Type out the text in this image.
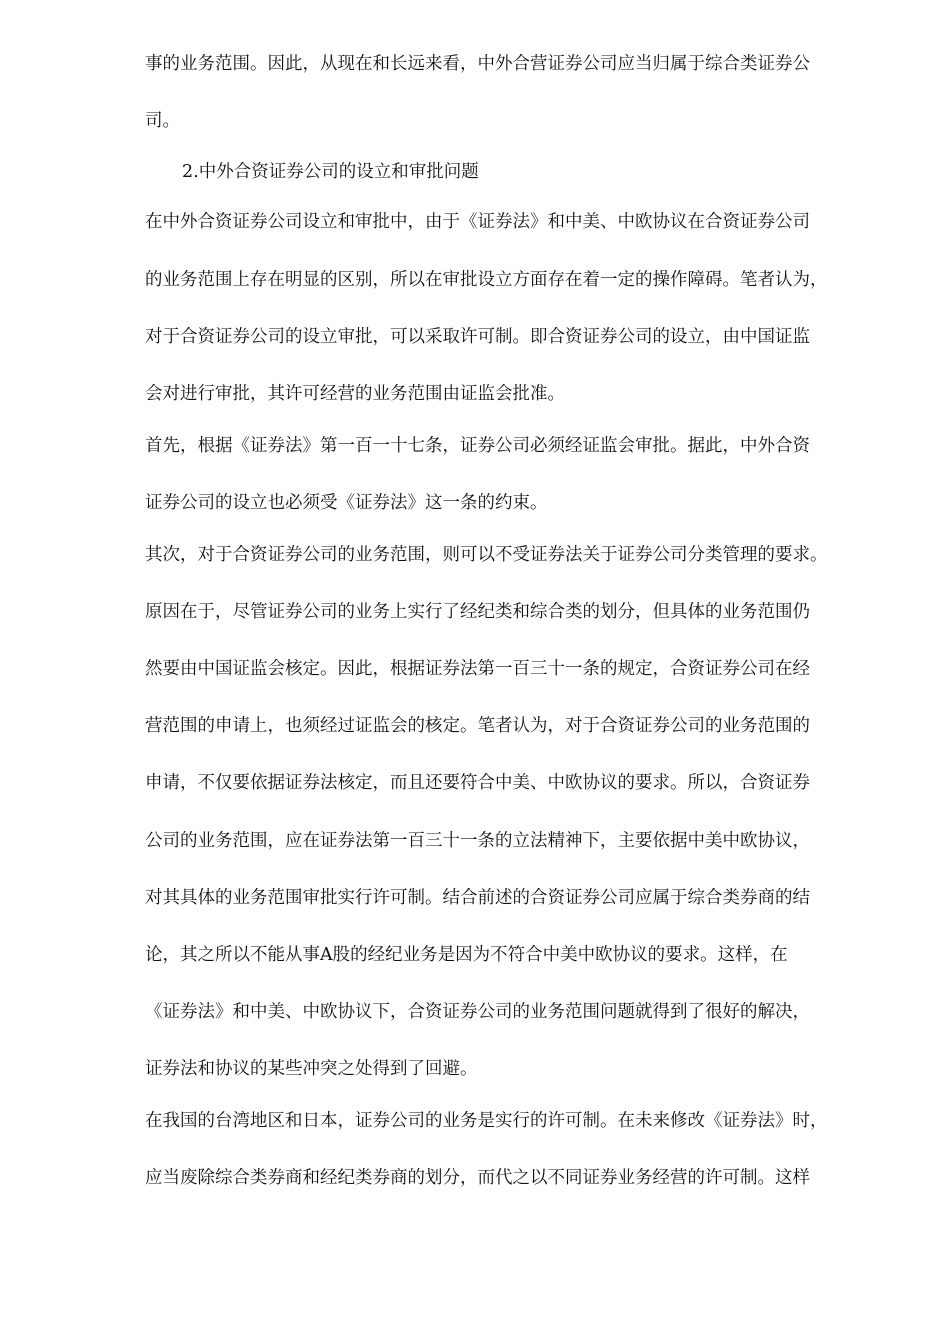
事的业务范围。因此，从现在和长远来看，中外合营证券公司应当归属于综合类证券公
司。
2.中外合资证券公司的设立和审批问题
在中外合资证券公司设立和审批中，由于《证券法》和中美、中欧协议在合资证券公司
的业务范围上存在明显的区别，所以在审批设立方面存在着一定的操作障碍。笔者认为，
对于合资证券公司的设立审批，可以采取许可制。即合资证券公司的设立，由中国证监
会对进行审批，其许可经营的业务范围由证监会批准。
首先，根据《证券法》第一百一十七条，证券公司必须经证监会审批。据此，中外合资
证券公司的设立也必须受《证券法》这一条的约束。
其次，对于合资证券公司的业务范围，则可以不受证券法关于证券公司分类管理的要求。
原因在于，尽管证券公司的业务上实行了经纪类和综合类的划分，但具体的业务范围仍
然要由中国证监会核定。因此，根据证券法第一百三十一条的规定，合资证券公司在经
营范围的申请上，也须经过证监会的核定。笔者认为，对于合资证券公司的业务范围的
申请，不仅要依据证券法核定，而且还要符合中美、中欧协议的要求。所以，合资证券
公司的业务范围，应在证券法第一百三十一条的立法精神下，主要依据中美中欧协议，
对其具体的业务范围审批实行许可制。结合前述的合资证券公司应属于综合类券商的结
论，其之所以不能从事A股的经纪业务是因为不符合中美中欧协议的要求。这样，在
《证券法》和中美、中欧协议下，合资证券公司的业务范围问题就得到了很好的解决，
证券法和协议的某些冲突之处得到了回避。
在我国的台湾地区和日本，证券公司的业务是实行的许可制。在未来修改《证券法》时，
应当废除综合类券商和经纪类券商的划分，而代之以不同证券业务经营的许可制。这样
